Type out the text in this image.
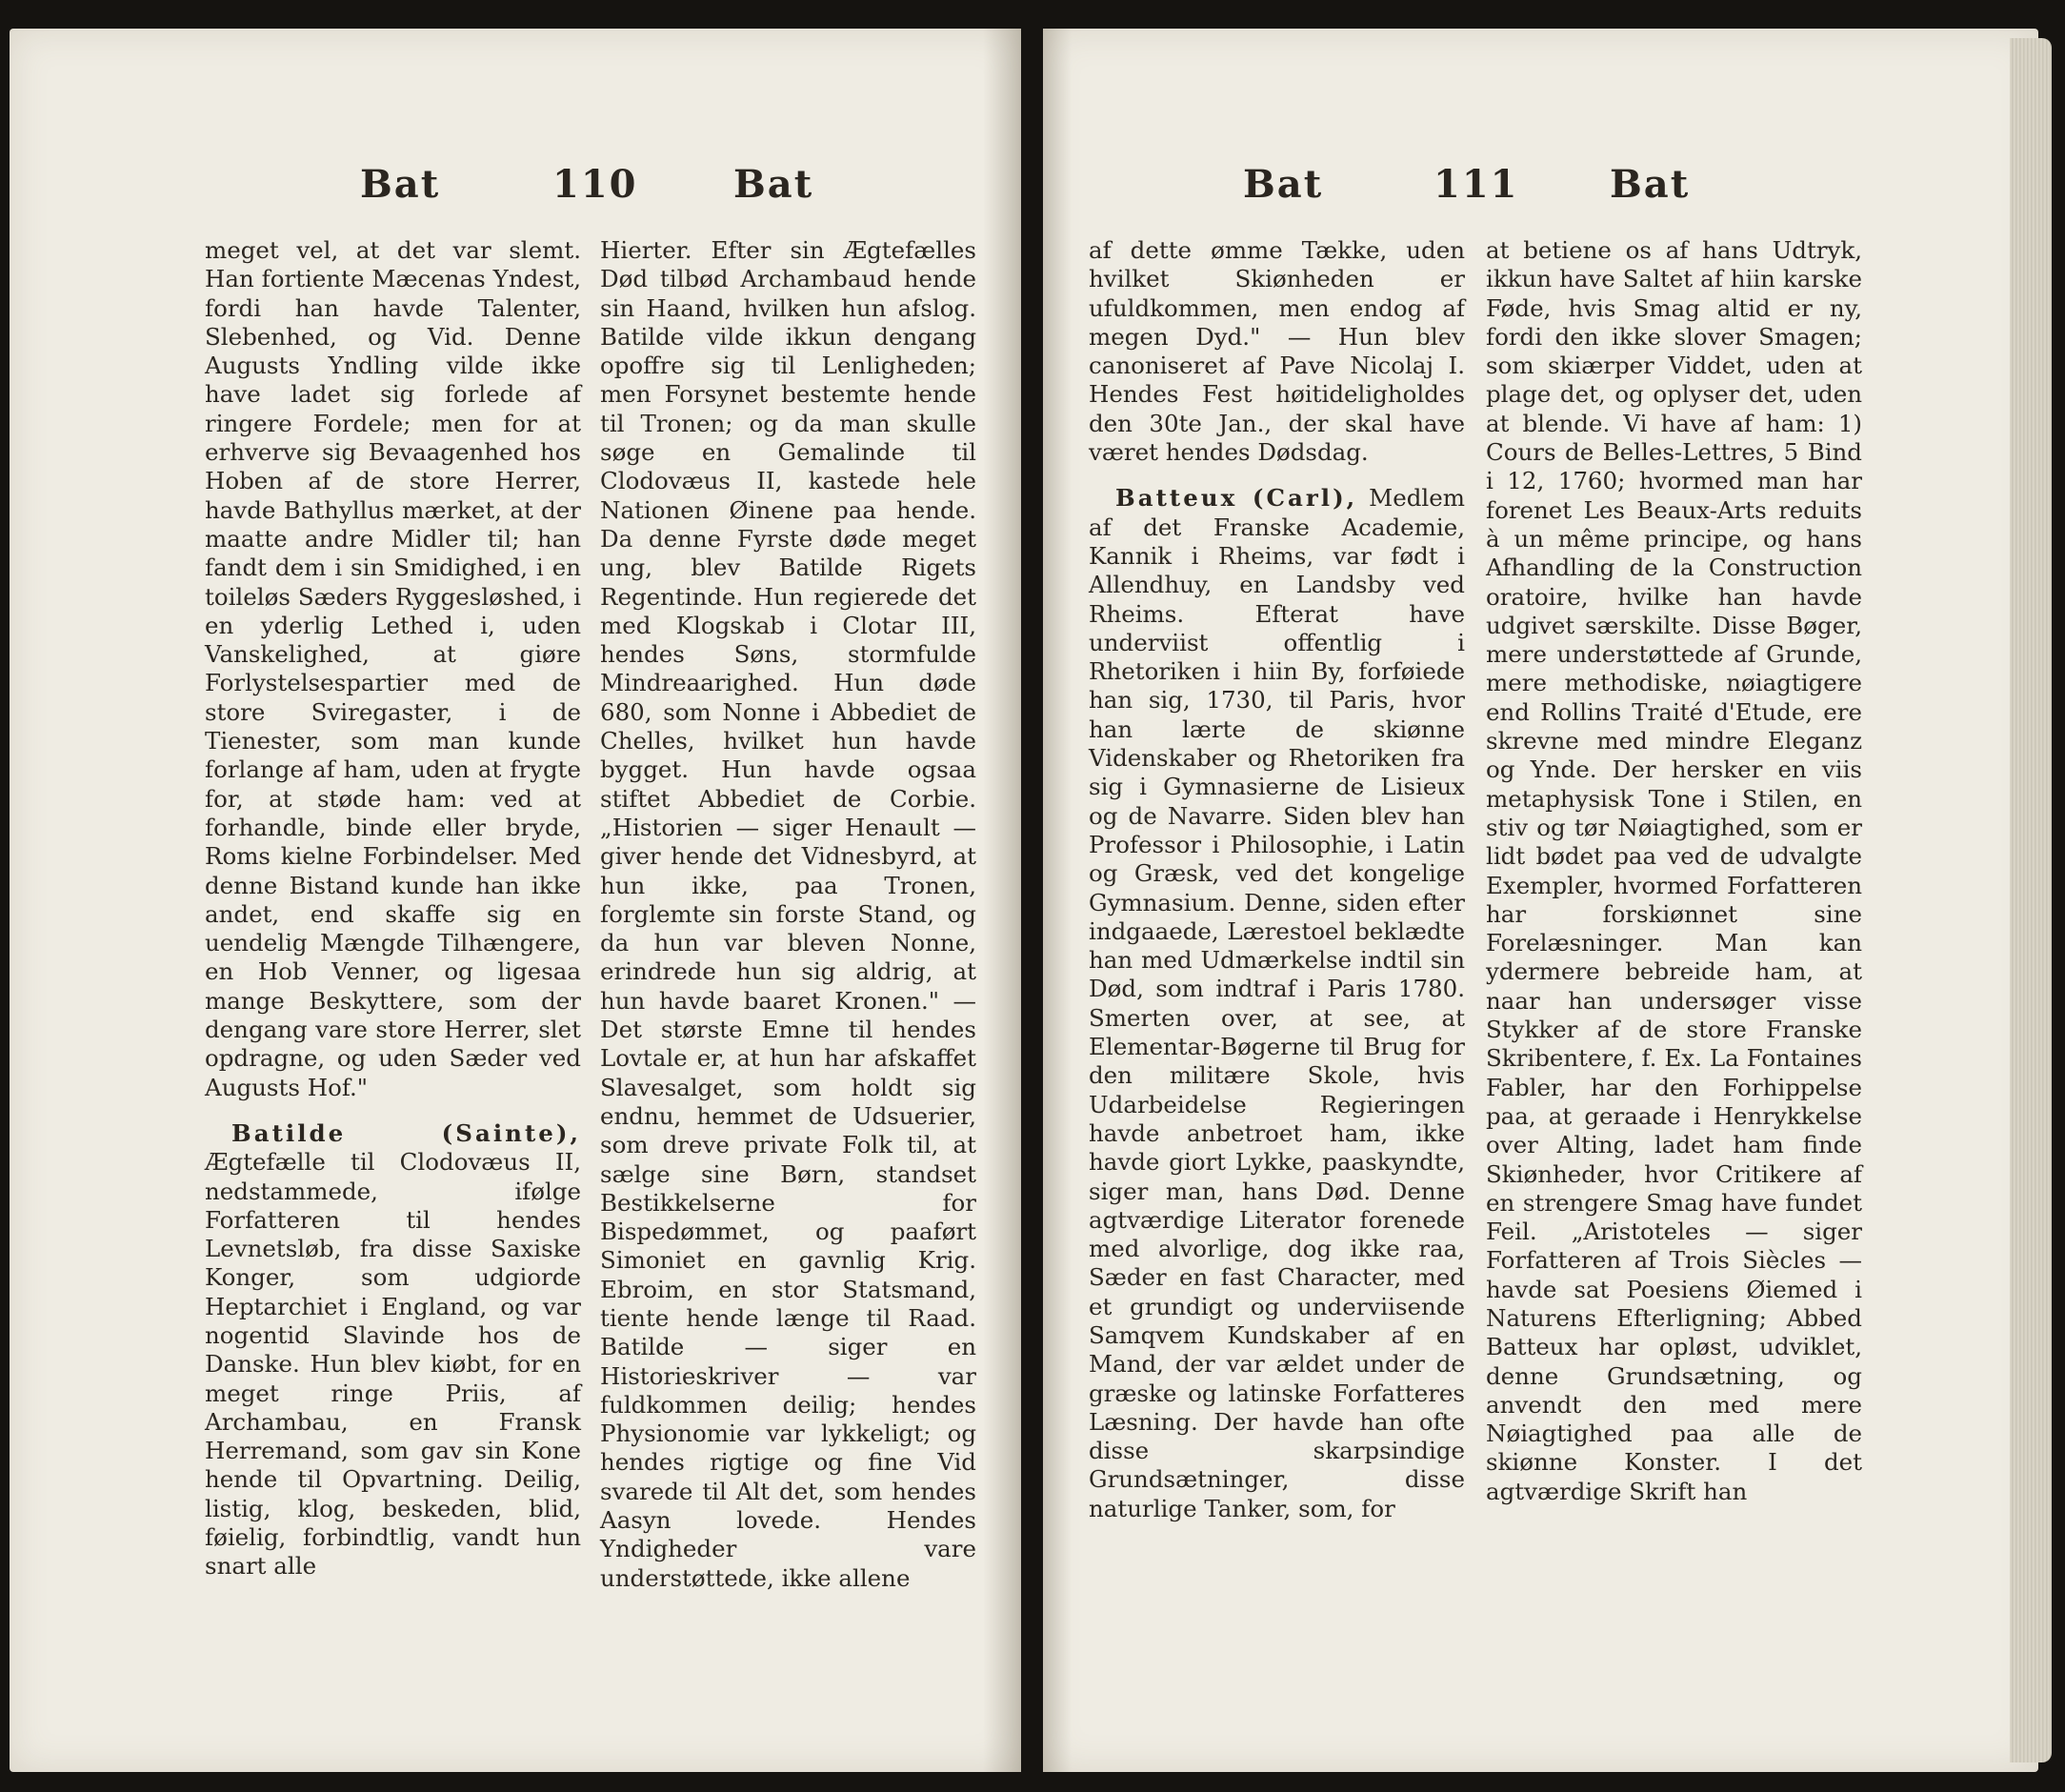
Bat	110	Bat

meget vel, at det var slemt. Han fortiente Mæcenas Yndest, fordi han havde Talenter, Slebenhed, og Vid. Denne Augusts Yndling vilde ikke have ladet sig forlede af ringere Fordele; men for at erhverve sig Bevaagenhed hos Hoben af de store Herrer, havde Bathyllus mærket, at der maatte andre Midler til; han fandt dem i sin Smidighed, i en toileløs Sæders Ryggesløshed, i en yderlig Lethed i, uden Vanskelighed, at giøre Forlystelsespartier med de store Sviregaster, i de Tienester, som man kunde forlange af ham, uden at frygte for, at støde ham: ved at forhandle, binde eller bryde, Roms kielne Forbindelser. Med denne Bistand kunde han ikke andet, end skaffe sig en uendelig Mængde Tilhængere, en Hob Venner, og ligesaa mange Beskyttere, som der dengang vare store Herrer, slet opdragne, og uden Sæder ved Augusts Hof."

Batilde (Sainte), Ægtefælle til Clodovæus II, nedstammede, ifølge Forfatteren til hendes Levnetsløb, fra disse Saxiske Konger, som udgiorde Heptarchiet i England, og var nogentid Slavinde hos de Danske. Hun blev kiøbt, for en meget ringe Priis, af Archambau, en Fransk Herremand, som gav sin Kone hende til Opvartning. Deilig, listig, klog, beskeden, blid, føielig, forbindtlig, vandt hun snart alle

Hierter. Efter sin Ægtefælles Død tilbød Archambaud hende sin Haand, hvilken hun afslog. Batilde vilde ikkun dengang opoffre sig til Lenligheden; men Forsynet bestemte hende til Tronen; og da man skulle søge en Gemalinde til Clodovæus II, kastede hele Nationen Øinene paa hende. Da denne Fyrste døde meget ung, blev Batilde Rigets Regentinde. Hun regierede det med Klogskab i Clotar III, hendes Søns, stormfulde Mindreaarighed. Hun døde 680, som Nonne i Abbediet de Chelles, hvilket hun havde bygget. Hun havde ogsaa stiftet Abbediet de Corbie. „Historien — siger Henault — giver hende det Vidnesbyrd, at hun ikke, paa Tronen, forglemte sin forste Stand, og da hun var bleven Nonne, erindrede hun sig aldrig, at hun havde baaret Kronen." — Det største Emne til hendes Lovtale er, at hun har afskaffet Slavesalget, som holdt sig endnu, hemmet de Udsuerier, som dreve private Folk til, at sælge sine Børn, standset Bestikkelserne for Bispedømmet, og paaført Simoniet en gavnlig Krig. Ebroim, en stor Statsmand, tiente hende længe til Raad. Batilde — siger en Historieskriver — var fuldkommen deilig; hendes Physionomie var lykkeligt; og hendes rigtige og fine Vid svarede til Alt det, som hendes Aasyn lovede. Hendes Yndigheder vare understøttede, ikke allene

Bat	111 Bat

af dette ømme Tække, uden hvilket Skiønheden er ufuldkommen, men endog af megen Dyd." — Hun blev canoniseret af Pave Nicolaj I. Hendes Fest høitideligholdes den 30te Jan., der skal have været hendes Dødsdag.

Batteux (Carl), Medlem af det Franske Academie, Kannik i Rheims, var født i Allendhuy, en Landsby ved Rheims. Efterat have underviist offentlig i Rhetoriken i hiin By, forføiede han sig, 1730, til Paris, hvor han lærte de skiønne Videnskaber og Rhetoriken fra sig i Gymnasierne de Lisieux og de Navarre. Siden blev han Professor i Philosophie, i Latin og Græsk, ved det kongelige Gymnasium. Denne, siden efter indgaaede, Lærestoel beklædte han med Udmærkelse indtil sin Død, som indtraf i Paris 1780. Smerten over, at see, at Elementar-Bøgerne til Brug for den militære Skole, hvis Udarbeidelse Regieringen havde anbetroet ham, ikke havde giort Lykke, paaskyndte, siger man, hans Død. Denne agtværdige Literator forenede med alvorlige, dog ikke raa, Sæder en fast Character, med et grundigt og underviisende Samqvem Kundskaber af en Mand, der var ældet under de græske og latinske Forfatteres Læsning. Der havde han ofte disse skarpsindige Grundsætninger, disse naturlige Tanker, som, for

at betiene os af hans Udtryk, ikkun have Saltet af hiin karske Føde, hvis Smag altid er ny, fordi den ikke slover Smagen; som skiærper Viddet, uden at plage det, og oplyser det, uden at blende. Vi have af ham: 1) Cours de Belles-Lettres, 5 Bind i 12, 1760; hvormed man har forenet Les Beaux-Arts reduits à un même principe, og hans Afhandling de la Construction oratoire, hvilke han havde udgivet særskilte. Disse Bøger, mere understøttede af Grunde, mere methodiske, nøiagtigere end Rollins Traité d'Etude, ere skrevne med mindre Eleganz og Ynde. Der hersker en viis metaphysisk Tone i Stilen, en stiv og tør Nøiagtighed, som er lidt bødet paa ved de udvalgte Exempler, hvormed Forfatteren har forskiønnet sine Forelæsninger. Man kan ydermere bebreide ham, at naar han undersøger visse Stykker af de store Franske Skribentere, f. Ex. La Fontaines Fabler, har den Forhippelse paa, at geraade i Henrykkelse over Alting, ladet ham finde Skiønheder, hvor Critikere af en strengere Smag have fundet Feil. „Aristoteles — siger Forfatteren af Trois Siècles — havde sat Poesiens Øiemed i Naturens Efterligning; Abbed Batteux har opløst, udviklet, denne Grundsætning, og anvendt den med mere Nøiagtighed paa alle de skiønne Konster. I det agtværdige Skrift han
